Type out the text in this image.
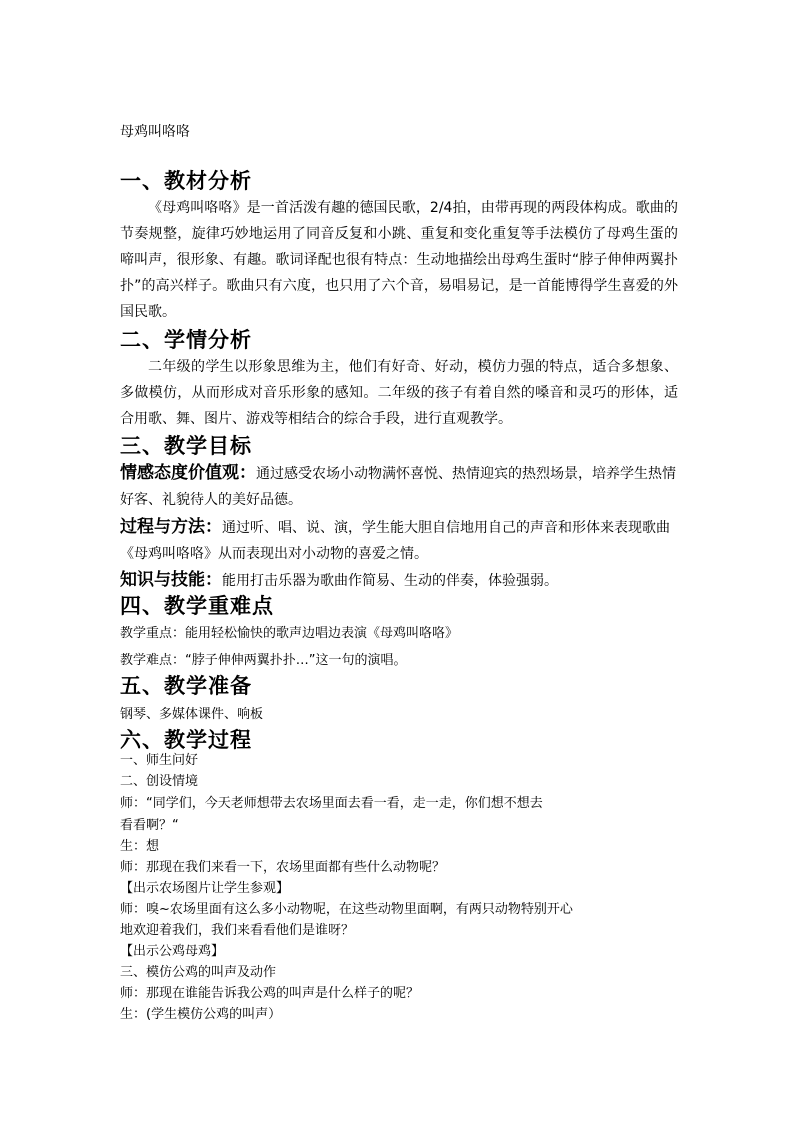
母鸡叫咯咯

一、教材分析

《母鸡叫咯咯》是一首活泼有趣的德国民歌，2/4拍，由带再现的两段体构成。歌曲的节奏规整，旋律巧妙地运用了同音反复和小跳、重复和变化重复等手法模仿了母鸡生蛋的啼叫声，很形象、有趣。歌词译配也很有特点：生动地描绘出母鸡生蛋时“脖子伸伸两翼扑扑”的高兴样子。歌曲只有六度，也只用了六个音，易唱易记，是一首能博得学生喜爱的外国民歌。

二、学情分析

二年级的学生以形象思维为主，他们有好奇、好动，模仿力强的特点，适合多想象、多做模仿，从而形成对音乐形象的感知。二年级的孩子有着自然的嗓音和灵巧的形体，适合用歌、舞、图片、游戏等相结合的综合手段，进行直观教学。

三、教学目标

情感态度价值观：通过感受农场小动物满怀喜悦、热情迎宾的热烈场景，培养学生热情好客、礼貌待人的美好品德。

过程与方法：通过听、唱、说、演，学生能大胆自信地用自己的声音和形体来表现歌曲《母鸡叫咯咯》从而表现出对小动物的喜爱之情。

知识与技能：能用打击乐器为歌曲作简易、生动的伴奏，体验强弱。

四、教学重难点

教学重点：能用轻松愉快的歌声边唱边表演《母鸡叫咯咯》

教学难点：“脖子伸伸两翼扑扑…”这一句的演唱。

五、教学准备

钢琴、多媒体课件、响板

六、教学过程

一、师生问好

二、创设情境

师：“同学们，今天老师想带去农场里面去看一看，走一走，你们想不想去

看看啊？“

生：想

师：那现在我们来看一下，农场里面都有些什么动物呢？

【出示农场图片让学生参观】

师：嗅~农场里面有这么多小动物呢，在这些动物里面啊，有两只动物特别开心

地欢迎着我们，我们来看看他们是谁呀？

【出示公鸡母鸡】

三、模仿公鸡的叫声及动作

师：那现在谁能告诉我公鸡的叫声是什么样子的呢？

生：(学生模仿公鸡的叫声）
